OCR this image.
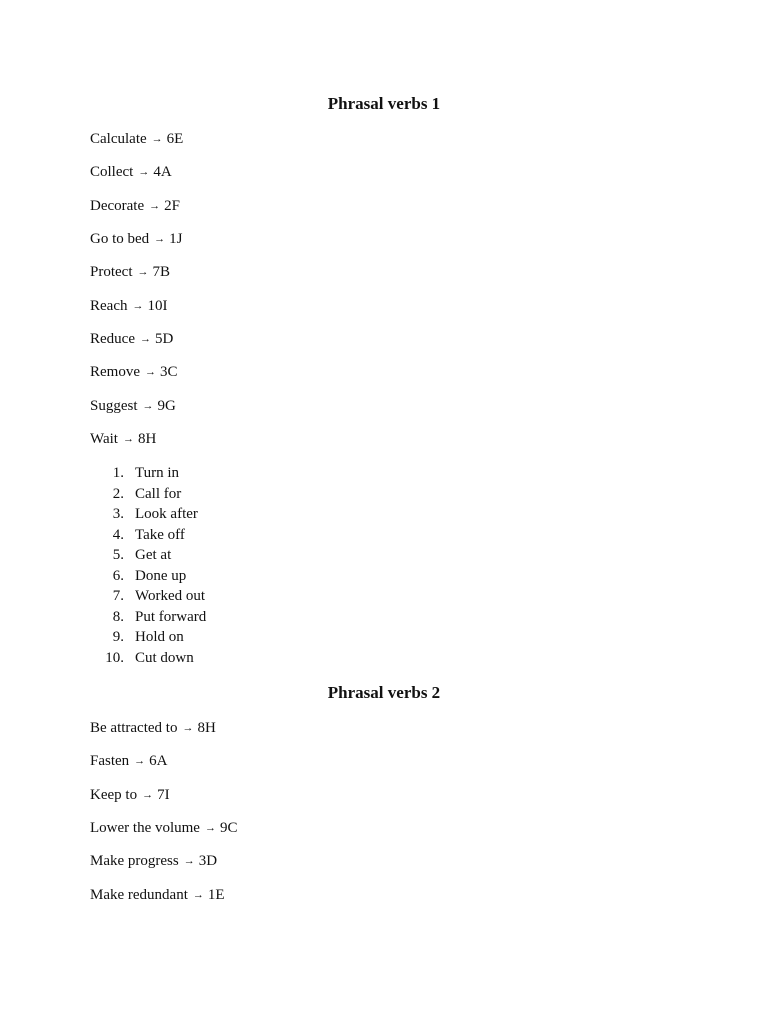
Phrasal verbs 1

Calculate → 6E

Collect → 4A

Decorate → 2F

Go to bed → 1J

Protect → 7B

Reach → 10I

Reduce → 5D

Remove → 3C

Suggest → 9G

Wait → 8H

1. Turn in
2. Call for
3. Look after
4. Take off
5. Get at
6. Done up
7. Worked out
8. Put forward
9. Hold on
10. Cut down
Phrasal verbs 2

Be attracted to → 8H

Fasten → 6A

Keep to → 7I

Lower the volume → 9C

Make progress → 3D

Make redundant → 1E
